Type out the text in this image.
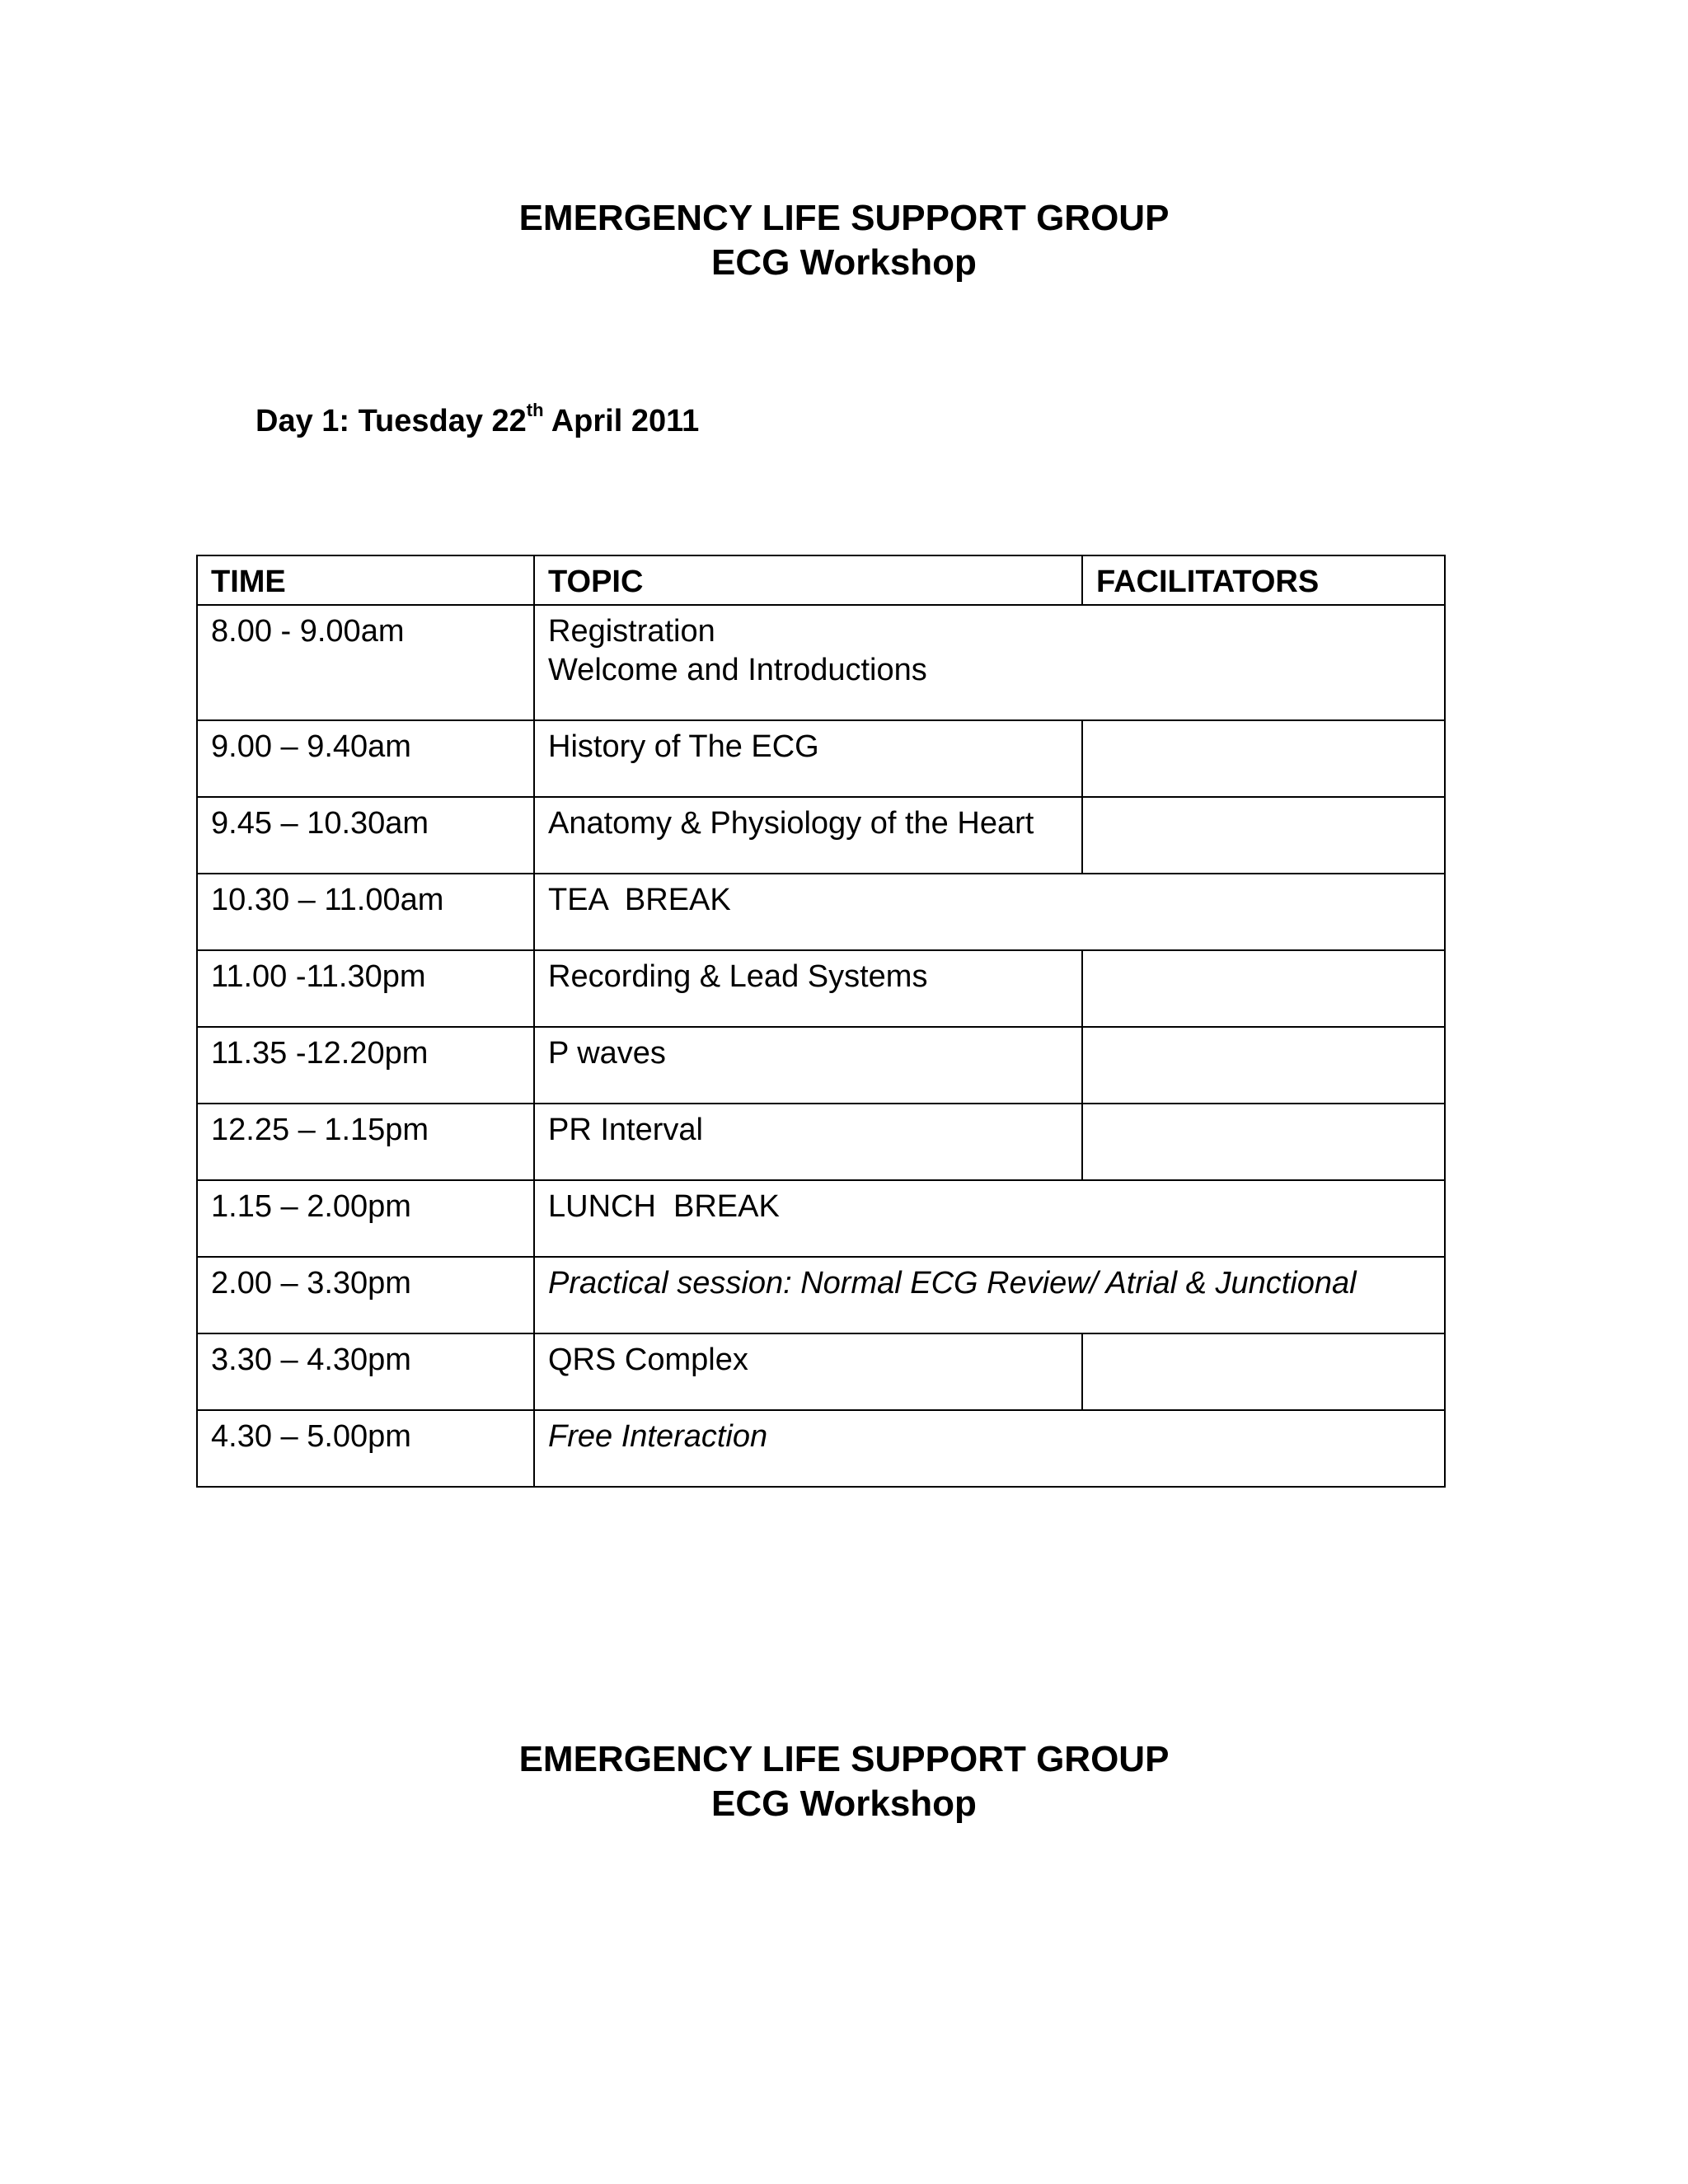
EMERGENCY LIFE SUPPORT GROUP
ECG Workshop
Day 1: Tuesday 22th April 2011
TIME	TOPIC	FACILITATORS
8.00 - 9.00am	Registration
Welcome and Introductions	

9.00 – 9.40am	History of The ECG	
9.45 – 10.30am	Anatomy & Physiology of the Heart	
10.30 – 11.00am	TEA  BREAK	
11.00 -11.30pm	Recording & Lead Systems	
11.35 -12.20pm	P waves	
12.25 – 1.15pm	PR Interval	
1.15 – 2.00pm	LUNCH  BREAK	
2.00 – 3.30pm	Practical session: Normal ECG Review/ Atrial & Junctional	
3.30 – 4.30pm	QRS Complex	
4.30 – 5.00pm	Free Interaction	
EMERGENCY LIFE SUPPORT GROUP
ECG Workshop
